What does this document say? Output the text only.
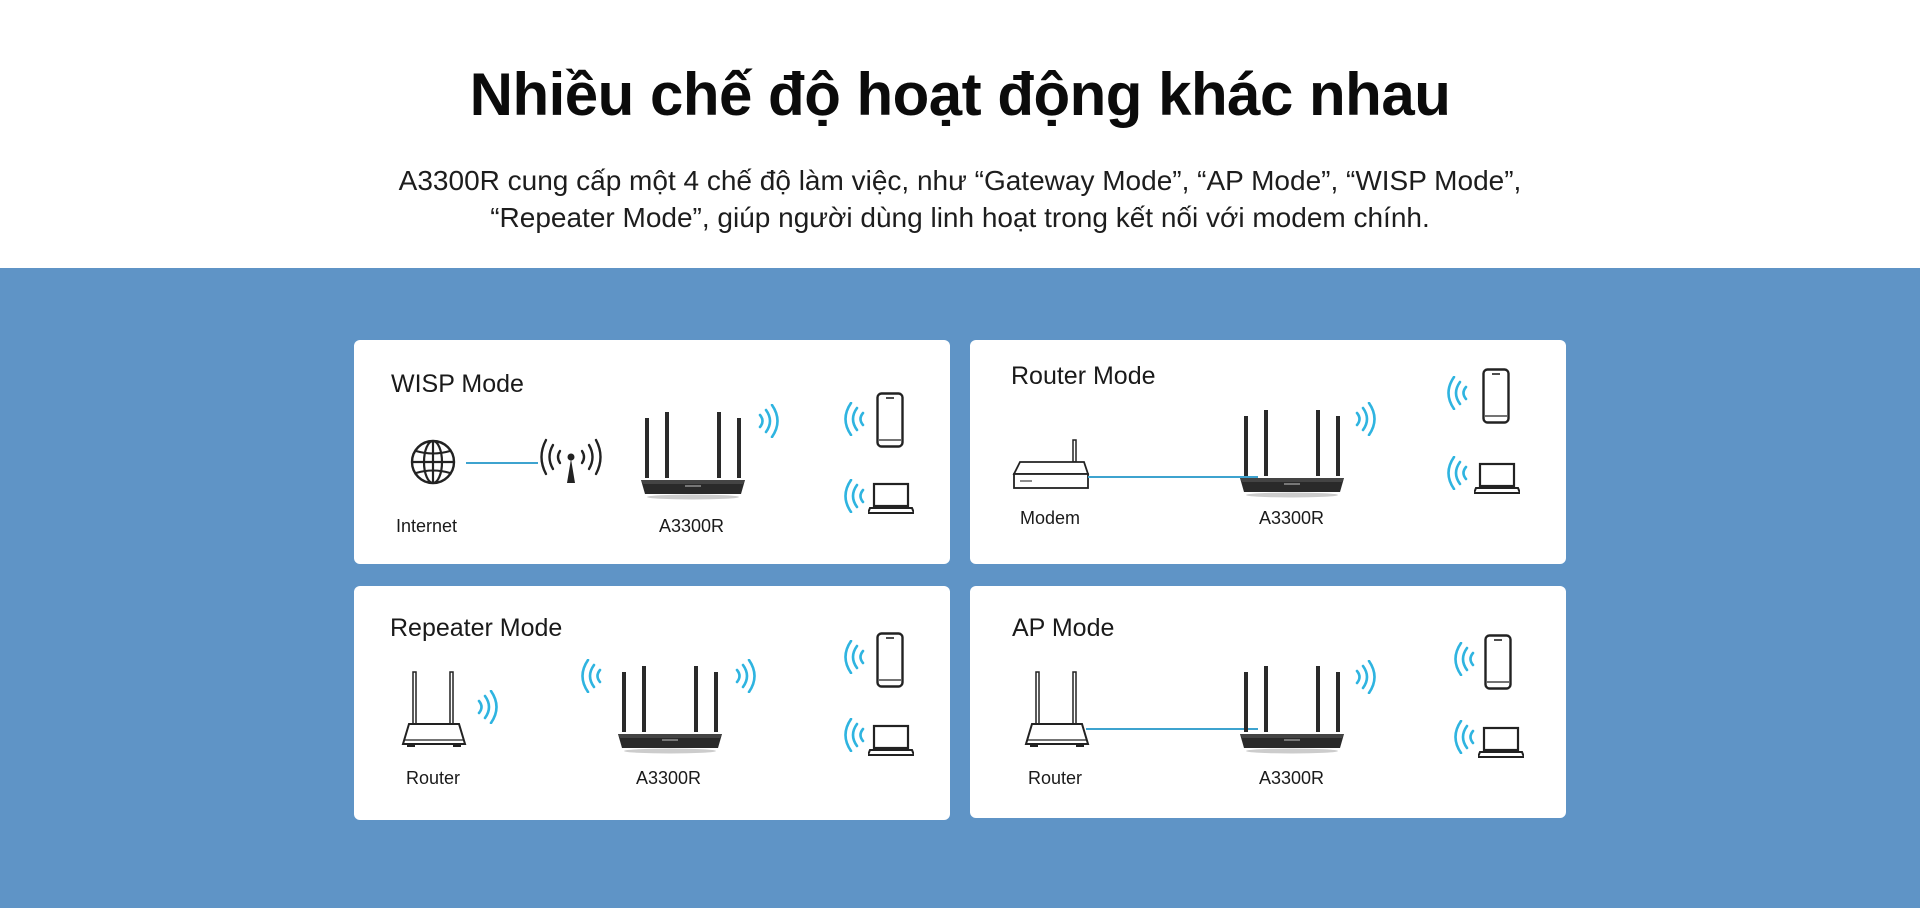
Nhiều chế độ hoạt động khác nhau
A3300R cung cấp một 4 chế độ làm việc, như “Gateway Mode”, “AP Mode”, “WISP Mode”,
“Repeater Mode”, giúp người dùng linh hoạt trong kết nối với modem chính.
WISP Mode
Internet	A3300R
Router Mode
Modem	A3300R
Repeater Mode
Router	A3300R
AP Mode
Router	A3300R
